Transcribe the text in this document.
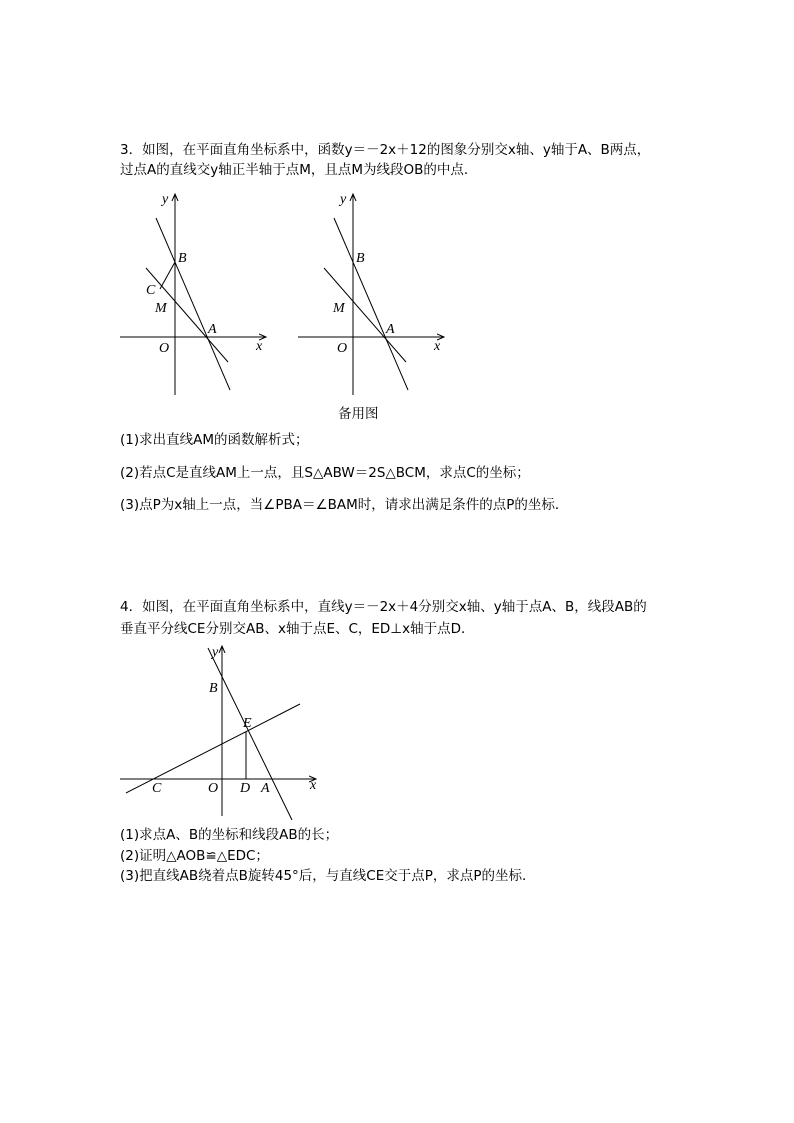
3．如图，在平面直角坐标系中，函数y＝－2x＋12的图象分别交x轴、y轴于A、B两点，
过点A的直线交y轴正半轴于点M，且点M为线段OB的中点．
y
x
O
A
B
C
M
y
x
O
A
B
M
备用图
(1)求出直线AM的函数解析式；
(2)若点C是直线AM上一点，且S△ABW＝2S△BCM，求点C的坐标；
(3)点P为x轴上一点，当∠PBA＝∠BAM时，请求出满足条件的点P的坐标．
4．如图，在平面直角坐标系中，直线y＝－2x＋4分别交x轴、y轴于点A、B，线段AB的
垂直平分线CE分别交AB、x轴于点E、C，ED⊥x轴于点D．
y
x
O	A
B
C	D
E
(1)求点A、B的坐标和线段AB的长；
(2)证明△AOB≌△EDC；
(3)把直线AB绕着点B旋转45°后，与直线CE交于点P，求点P的坐标．
